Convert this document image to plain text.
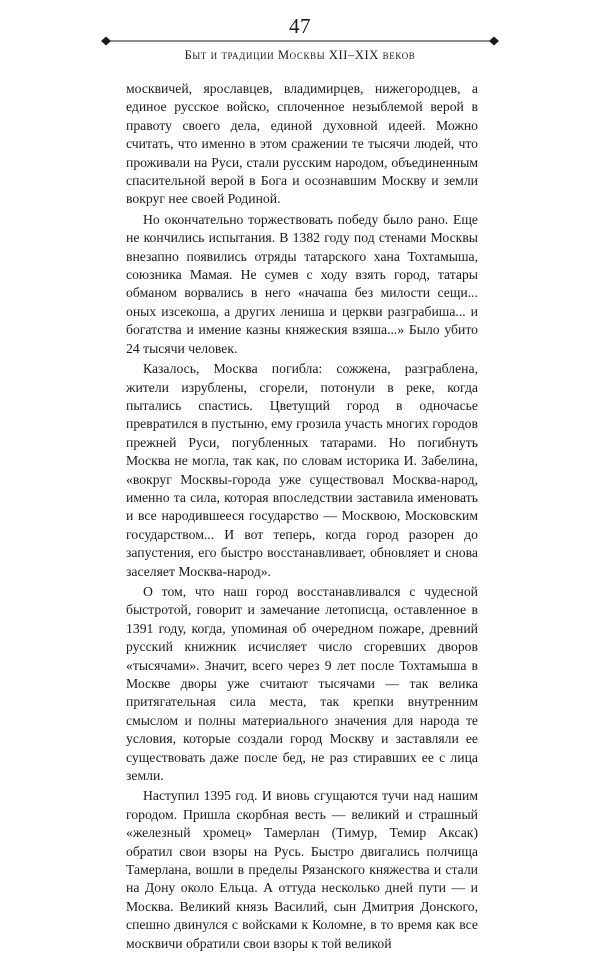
47
Быт и традиции Москвы XII–XIX веков

москвичей, ярославцев, владимирцев, нижегородцев, а единое русское войско, сплоченное незыблемой верой в правоту своего дела, единой духовной идеей. Можно считать, что именно в этом сражении те тысячи людей, что проживали на Руси, стали русским народом, объединенным спасительной верой в Бога и осознавшим Москву и земли вокруг нее своей Родиной.

Но окончательно торжествовать победу было рано. Еще не кончились испытания. В 1382 году под стенами Москвы внезапно появились отряды татарского хана Тохтамыша, союзника Мамая. Не сумев с ходу взять город, татары обманом ворвались в него «начаша без милости сещи... оных изсекоша, а других лениша и церкви разграбиша... и богатства и имение казны княжеския взяша...» Было убито 24 тысячи человек.

Казалось, Москва погибла: сожжена, разграблена, жители изрублены, сгорели, потонули в реке, когда пытались спастись. Цветущий город в одночасье превратился в пустыню, ему грозила участь многих городов прежней Руси, погубленных татарами. Но погибнуть Москва не могла, так как, по словам историка И. Забелина, «вокруг Москвы-города уже существовал Москва-народ, именно та сила, которая впоследствии заставила именовать и все народившееся государство — Москвою, Московским государством... И вот теперь, когда город разорен до запустения, его быстро восстанавливает, обновляет и снова заселяет Москва-народ».

О том, что наш город восстанавливался с чудесной быстротой, говорит и замечание летописца, оставленное в 1391 году, когда, упоминая об очередном пожаре, древний русский книжник исчисляет число сгоревших дворов «тысячами». Значит, всего через 9 лет после Тохтамыша в Москве дворы уже считают тысячами — так велика притягательная сила места, так крепки внутренним смыслом и полны материального значения для народа те условия, которые создали город Москву и заставляли ее существовать даже после бед, не раз стиравших ее с лица земли.

Наступил 1395 год. И вновь сгущаются тучи над нашим городом. Пришла скорбная весть — великий и страшный «железный хромец» Тамерлан (Тимур, Темир Аксак) обратил свои взоры на Русь. Быстро двигались полчища Тамерлана, вошли в пределы Рязанского княжества и стали на Дону около Ельца. А оттуда несколько дней пути — и Москва. Великий князь Василий, сын Дмитрия Донского, спешно двинулся с войсками к Коломне, в то время как все москвичи обратили свои взоры к той великой
